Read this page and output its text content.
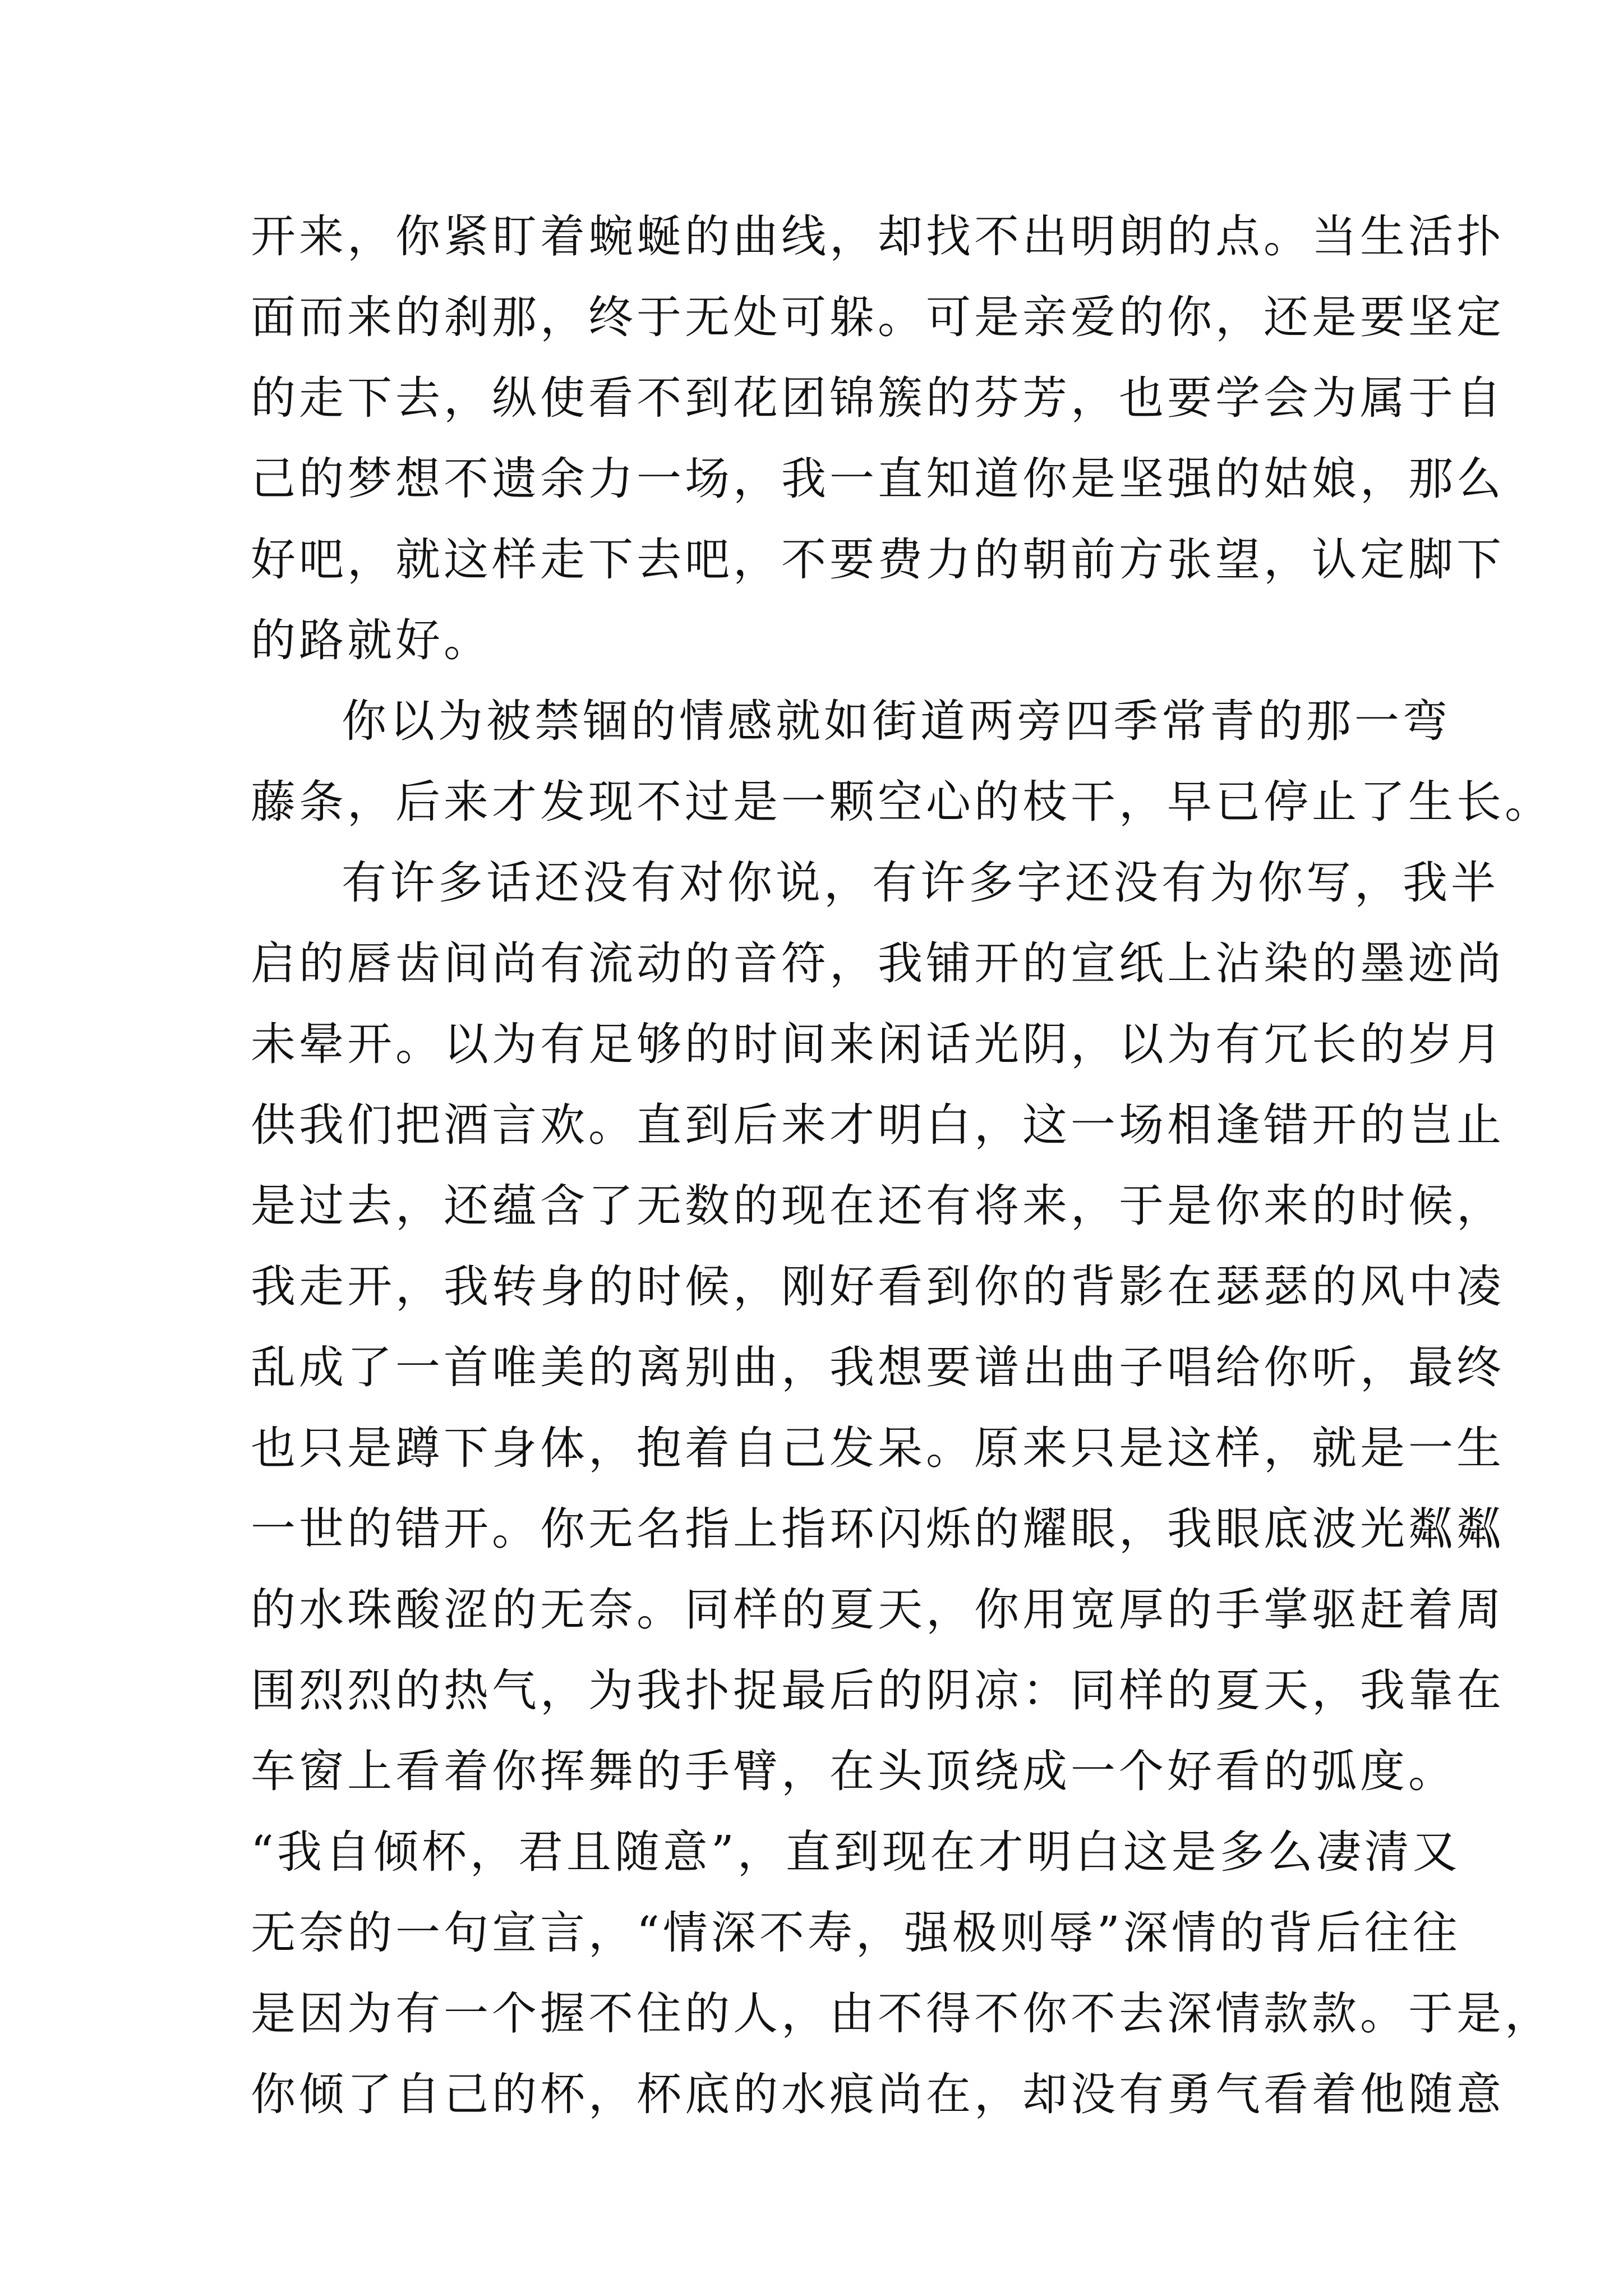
开来，你紧盯着蜿蜒的曲线，却找不出明朗的点。当生活扑
面而来的刹那，终于无处可躲。可是亲爱的你，还是要坚定
的走下去，纵使看不到花团锦簇的芬芳，也要学会为属于自
己的梦想不遗余力一场，我一直知道你是坚强的姑娘，那么
好吧，就这样走下去吧，不要费力的朝前方张望，认定脚下
的路就好。
你以为被禁锢的情感就如街道两旁四季常青的那一弯
藤条，后来才发现不过是一颗空心的枝干，早已停止了生长。
有许多话还没有对你说，有许多字还没有为你写，我半
启的唇齿间尚有流动的音符，我铺开的宣纸上沾染的墨迹尚
未晕开。以为有足够的时间来闲话光阴，以为有冗长的岁月
供我们把酒言欢。直到后来才明白，这一场相逢错开的岂止
是过去，还蕴含了无数的现在还有将来，于是你来的时候，
我走开，我转身的时候，刚好看到你的背影在瑟瑟的风中凌
乱成了一首唯美的离别曲，我想要谱出曲子唱给你听，最终
也只是蹲下身体，抱着自己发呆。原来只是这样，就是一生
一世的错开。你无名指上指环闪烁的耀眼，我眼底波光粼粼
的水珠酸涩的无奈。同样的夏天，你用宽厚的手掌驱赶着周
围烈烈的热气，为我扑捉最后的阴凉：同样的夏天，我靠在
车窗上看着你挥舞的手臂，在头顶绕成一个好看的弧度。
“我自倾杯，君且随意”，直到现在才明白这是多么凄清又
无奈的一句宣言，“情深不寿，强极则辱”深情的背后往往
是因为有一个握不住的人，由不得不你不去深情款款。于是，
你倾了自己的杯，杯底的水痕尚在，却没有勇气看着他随意
